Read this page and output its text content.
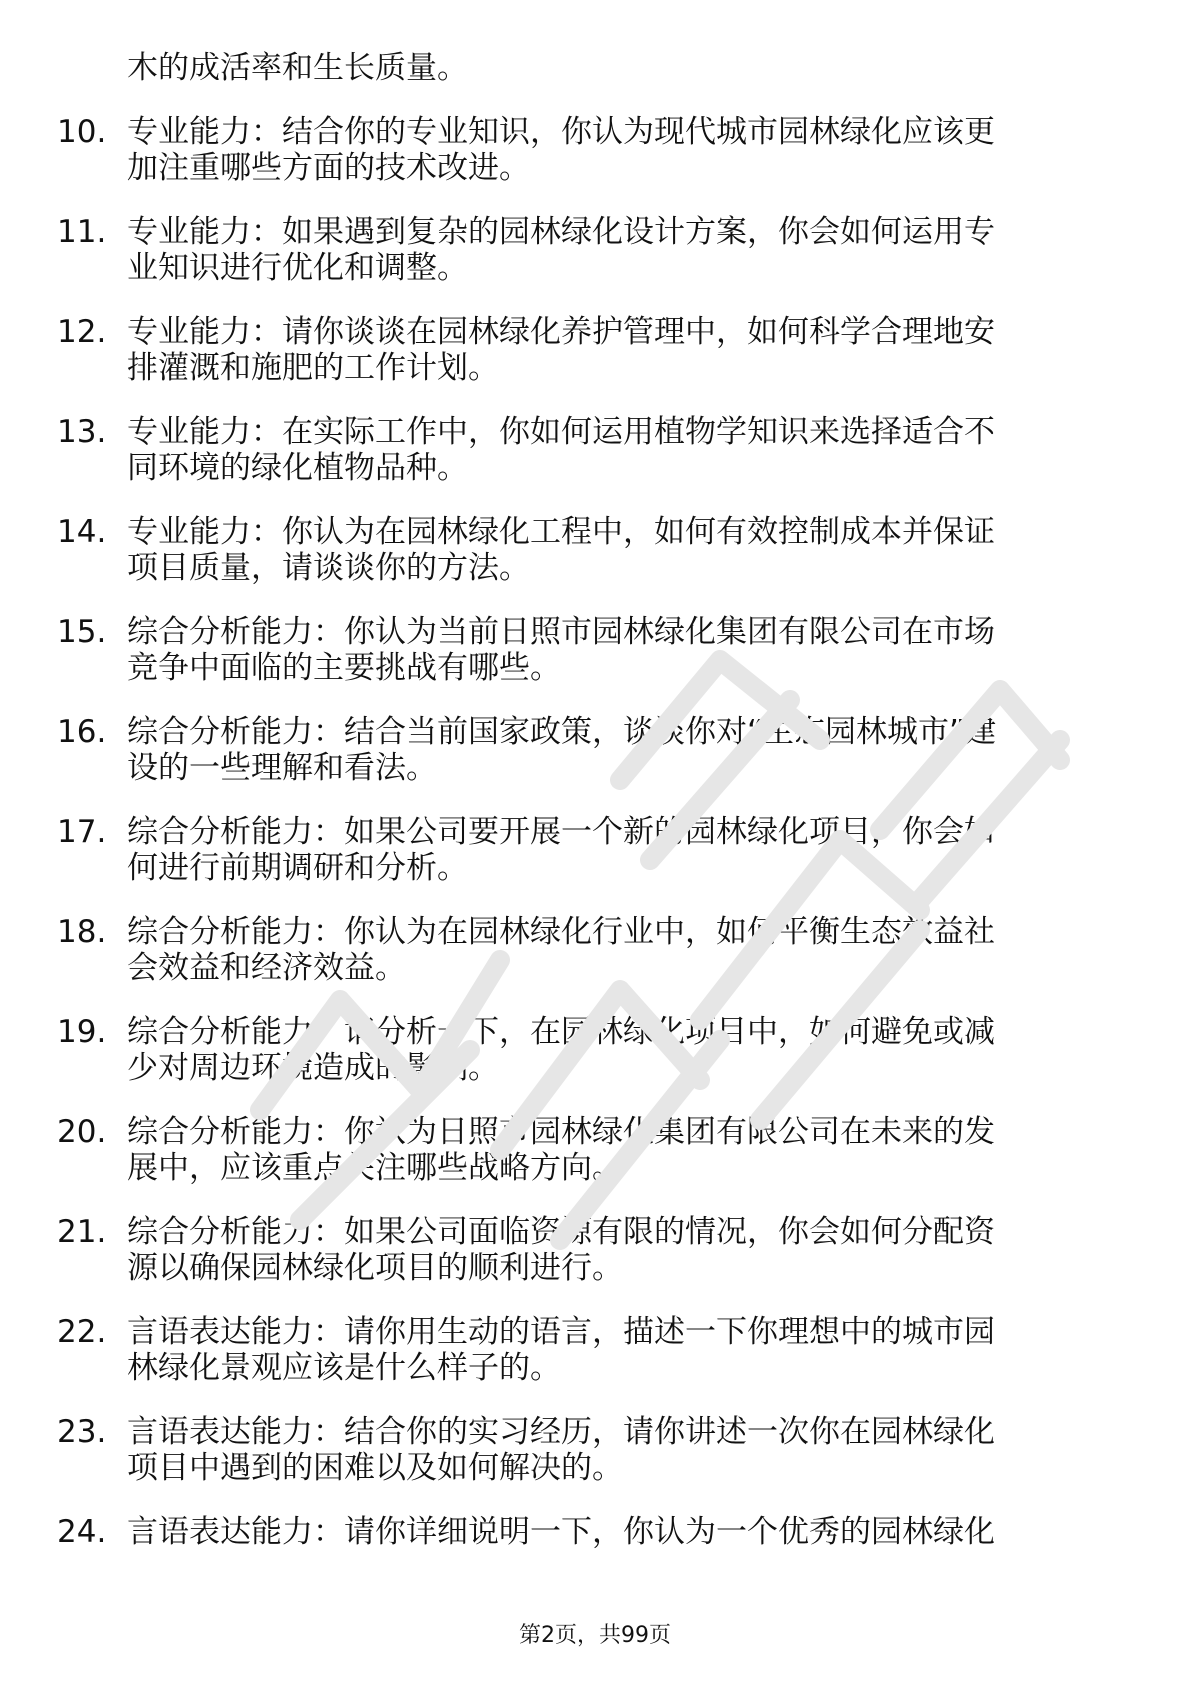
木的成活率和生长质量。
10. 专业能力：结合你的专业知识，你认为现代城市园林绿化应该更
加注重哪些方面的技术改进。
11. 专业能力：如果遇到复杂的园林绿化设计方案，你会如何运用专
业知识进行优化和调整。
12. 专业能力：请你谈谈在园林绿化养护管理中，如何科学合理地安
排灌溉和施肥的工作计划。
13. 专业能力：在实际工作中，你如何运用植物学知识来选择适合不
同环境的绿化植物品种。
14. 专业能力：你认为在园林绿化工程中，如何有效控制成本并保证
项目质量，请谈谈你的方法。
15. 综合分析能力：你认为当前日照市园林绿化集团有限公司在市场
竞争中面临的主要挑战有哪些。
16. 综合分析能力：结合当前国家政策，谈谈你对“生态园林城市”建
设的一些理解和看法。
17. 综合分析能力：如果公司要开展一个新的园林绿化项目，你会如
何进行前期调研和分析。
18. 综合分析能力：你认为在园林绿化行业中，如何平衡生态效益社
会效益和经济效益。
19. 综合分析能力：请分析一下，在园林绿化项目中，如何避免或减
少对周边环境造成的影响。
20. 综合分析能力：你认为日照市园林绿化集团有限公司在未来的发
展中，应该重点关注哪些战略方向。
21. 综合分析能力：如果公司面临资源有限的情况，你会如何分配资
源以确保园林绿化项目的顺利进行。
22. 言语表达能力：请你用生动的语言，描述一下你理想中的城市园
林绿化景观应该是什么样子的。
23. 言语表达能力：结合你的实习经历，请你讲述一次你在园林绿化
项目中遇到的困难以及如何解决的。
24. 言语表达能力：请你详细说明一下，你认为一个优秀的园林绿化
第2页，共99页
